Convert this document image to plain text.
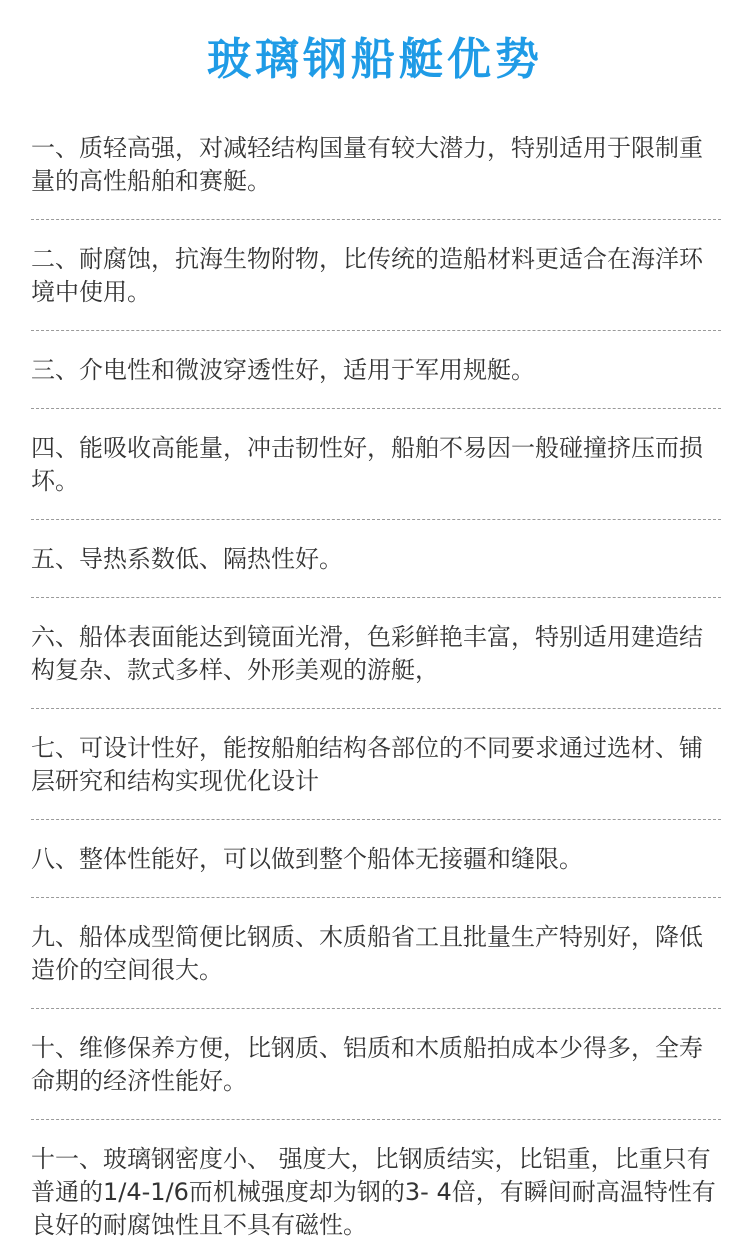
玻璃钢船艇优势

一、质轻高强，对减轻结构国量有较大潜力，特别适用于限制重量的高性船舶和赛艇。

二、耐腐蚀，抗海生物附物，比传统的造船材料更适合在海洋环境中使用。

三、介电性和微波穿透性好，适用于军用规艇。

四、能吸收高能量，冲击韧性好，船舶不易因一般碰撞挤压而损坏。

五、导热系数低、隔热性好。

六、船体表面能达到镜面光滑，色彩鲜艳丰富，特别适用建造结构复杂、款式多样、外形美观的游艇，

七、可设计性好，能按船舶结构各部位的不同要求通过选材、铺层研究和结构实现优化设计

八、整体性能好，可以做到整个船体无接疆和缝限。

九、船体成型简便比钢质、木质船省工且批量生产特别好，降低造价的空间很大。

十、维修保养方便，比钢质、铝质和木质船拍成本少得多，全寿命期的经济性能好。

十一、玻璃钢密度小、 强度大，比钢质结实，比铝重，比重只有普通的1/4-1/6而机械强度却为钢的3- 4倍，有瞬间耐高温特性有良好的耐腐蚀性且不具有磁性。
